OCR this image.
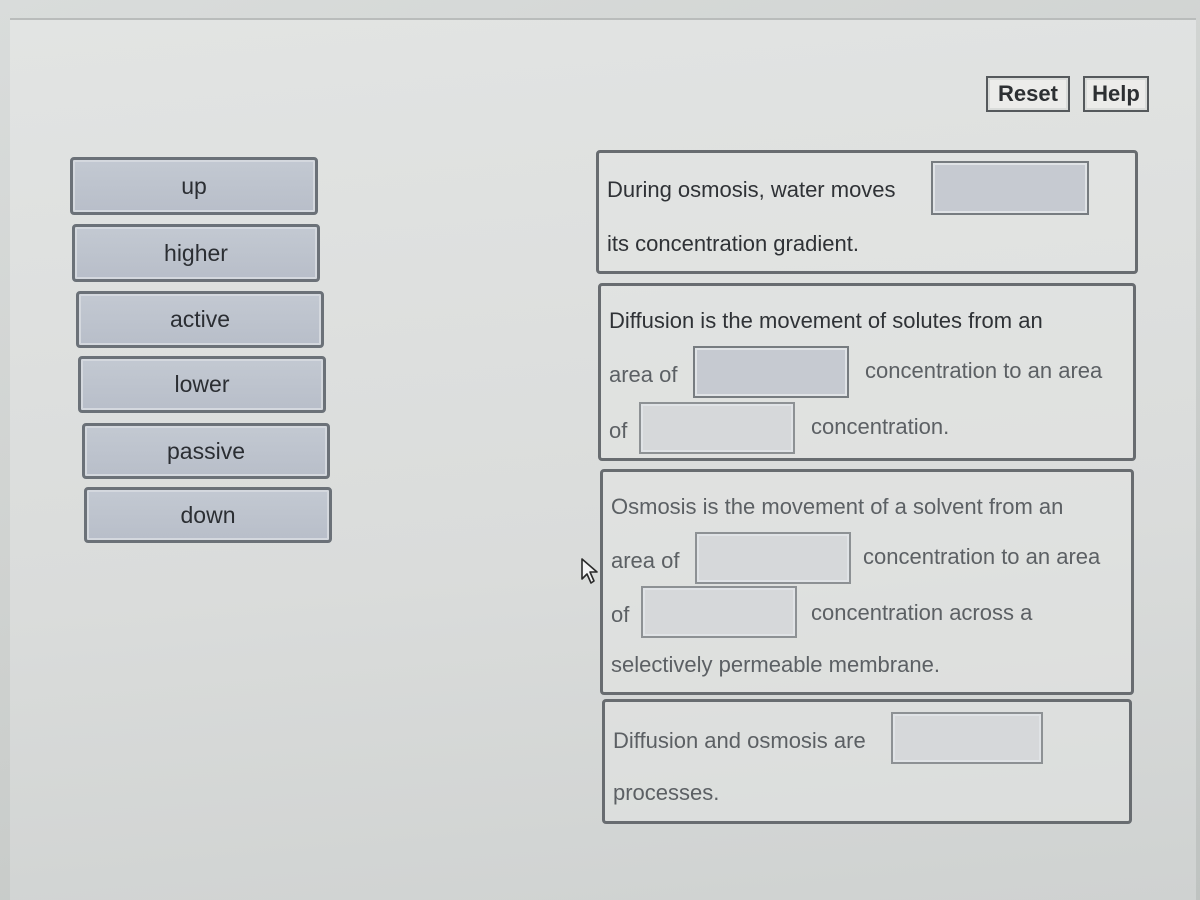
Reset	Help
up
higher
active
lower
passive
down
During osmosis, water moves
its concentration gradient.
Diffusion is the movement of solutes from an
area of	concentration to an area
of	concentration.
Osmosis is the movement of a solvent from an
area of	concentration to an area
of	concentration across a
selectively permeable membrane.
Diffusion and osmosis are
processes.
